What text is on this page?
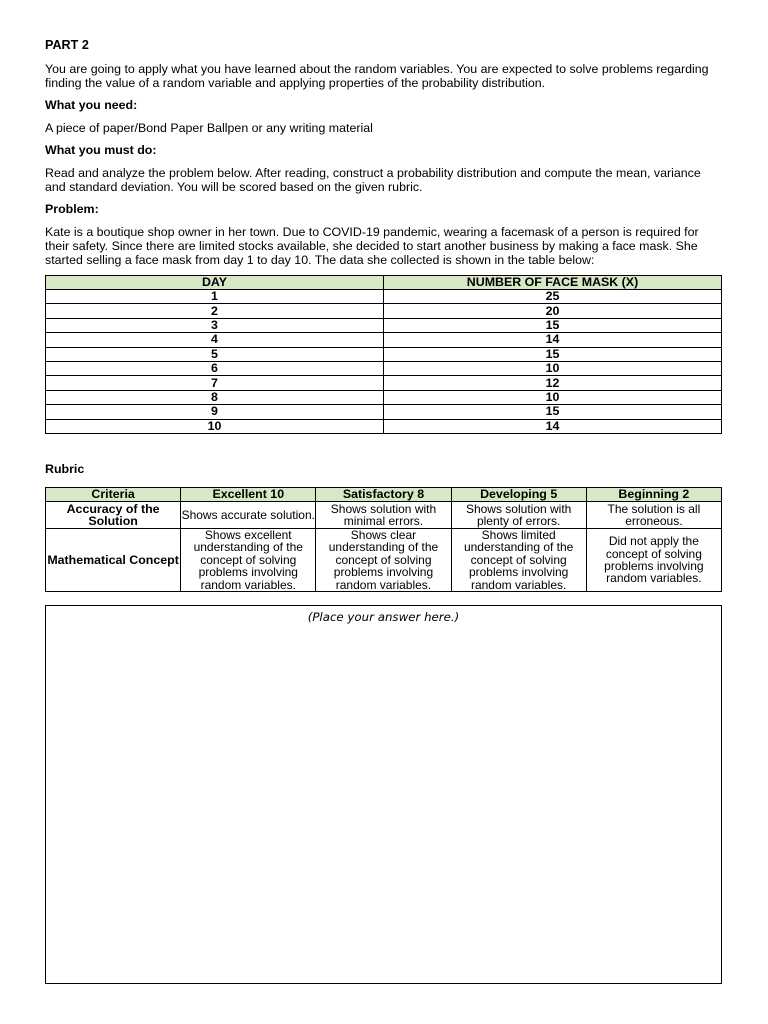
PART 2

You are going to apply what you have learned about the random variables. You are expected to solve problems regarding finding the value of a random variable and applying properties of the probability distribution.

What you need:

A piece of paper/Bond Paper Ballpen or any writing material

What you must do:

Read and analyze the problem below. After reading, construct a probability distribution and compute the mean, variance and standard deviation. You will be scored based on the given rubric.

Problem:

Kate is a boutique shop owner in her town. Due to COVID-19 pandemic, wearing a facemask of a person is required for their safety. Since there are limited stocks available, she decided to start another business by making a face mask. She started selling a face mask from day 1 to day 10. The data she collected is shown in the table below:

DAY	NUMBER OF FACE MASK (X)
1	25
2	20
3	15
4	14
5	15
6	10
7	12
8	10
9	15
10	14

Rubric

Criteria	Excellent 10	Satisfactory 8	Developing 5	Beginning 2
Accuracy of the Solution	Shows accurate solution.	Shows solution with minimal errors.	Shows solution with plenty of errors.	The solution is all erroneous.
Mathematical Concept	Shows excellent understanding of the concept of solving problems involving random variables.	Shows clear understanding of the concept of solving problems involving random variables.	Shows limited understanding of the concept of solving problems involving random variables.	Did not apply the concept of solving problems involving random variables.
(Place your answer here.)
